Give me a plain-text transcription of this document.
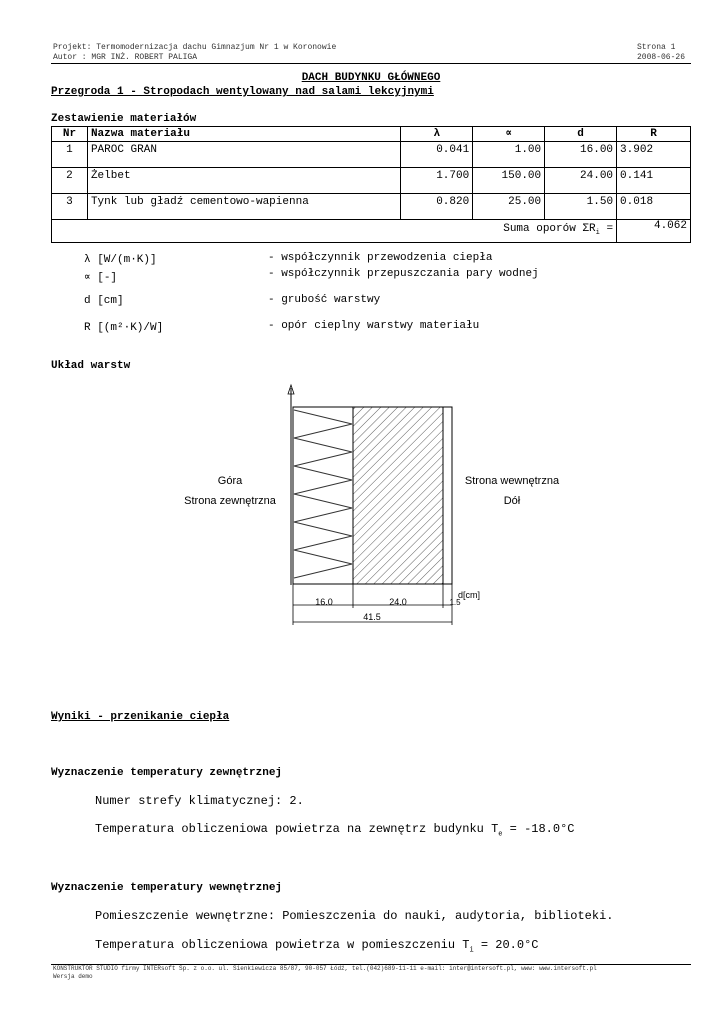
Projekt: Termomodernizacja dachu Gimnazjum Nr 1 w Koronowie
Autor : MGR INŻ. ROBERT PALIGA
Strona 1
2008-06-26
DACH BUDYNKU GŁÓWNEGO
Przegroda 1 - Stropodach wentylowany nad salami lekcyjnymi
Zestawienie materiałów
Nr	Nazwa materiału	λ	∝	d	R
1	PAROC GRAN	0.041	1.00	16.00	3.902
2	Żelbet	1.700	150.00	24.00	0.141
3	Tynk lub gładź cementowo-wapienna	0.820	25.00	1.50	0.018
Suma oporów $\Sigma R_i$ =					4.062
λ [W/(m·K)]	- współczynnik przewodzenia ciepła
∝ [-]	- współczynnik przepuszczania pary wodnej
d [cm]	- grubość warstwy
R [(m²·K)/W]	- opór cieplny warstwy materiału
Układ warstw
Góra
Strona zewnętrzna
Strona wewnętrzna
Dół
d[cm]
16.0	24.0	1.5
41.5
Wyniki - przenikanie ciepła
Wyznaczenie temperatury zewnętrznej
Numer strefy klimatycznej: 2.
Temperatura obliczeniowa powietrza na zewnętrz budynku $T_e = -18.0^\circ C$
Wyznaczenie temperatury wewnętrznej
Pomieszczenie wewnętrzne: Pomieszczenia do nauki, audytoria, biblioteki.
Temperatura obliczeniowa powietrza w pomieszczeniu $T_i = 20.0^\circ C$
KONSTRUKTOR STUDIO firmy INTERsoft Sp. z o.o. ul. Sienkiewicza 85/87, 90-057 Łódź, tel.(042)689-11-11 e-mail: inter@intersoft.pl, www: www.intersoft.pl
Wersja demo
